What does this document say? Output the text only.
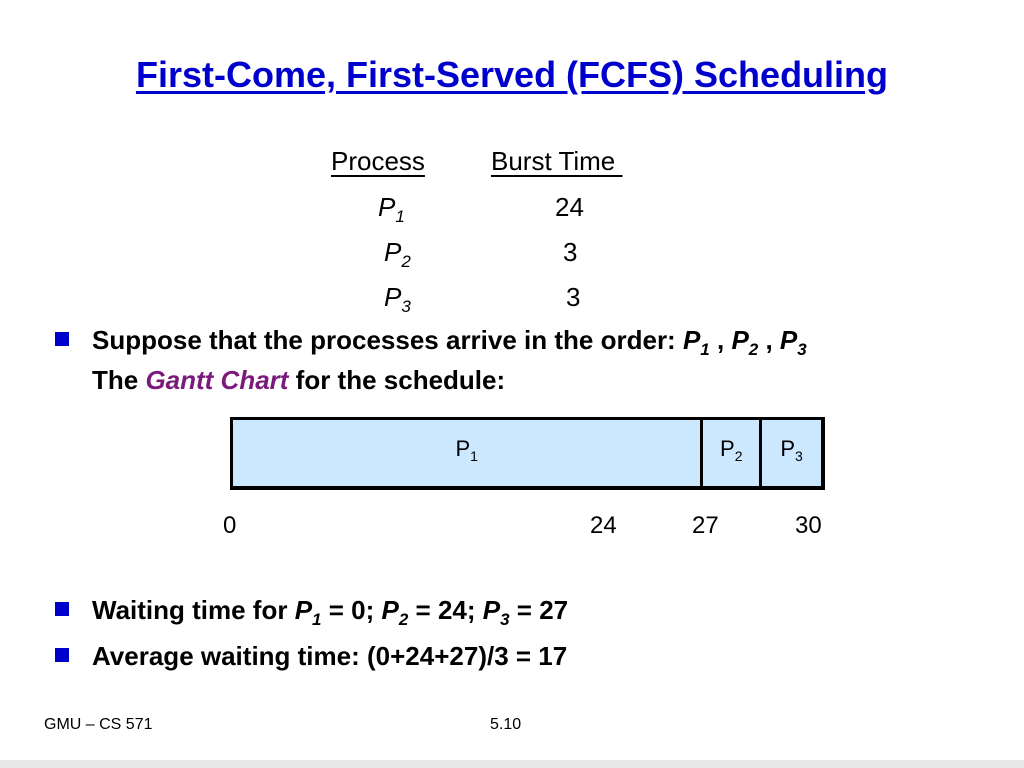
First-Come, First-Served (FCFS) Scheduling
Process	Burst Time
$P_1$	24
$P_2$	3
$P_3$	3
Suppose that the processes arrive in the order: $P_1$ , $P_2$ , $P_3$
The Gantt Chart for the schedule:
$P_1$	$P_2$	$P_3$
0	24	27	30
Waiting time for $P_1 = 0$; $P_2 = 24$; $P_3 = 27$
Average waiting time: (0+24+27)/3 = 17
GMU – CS 571	5.10
